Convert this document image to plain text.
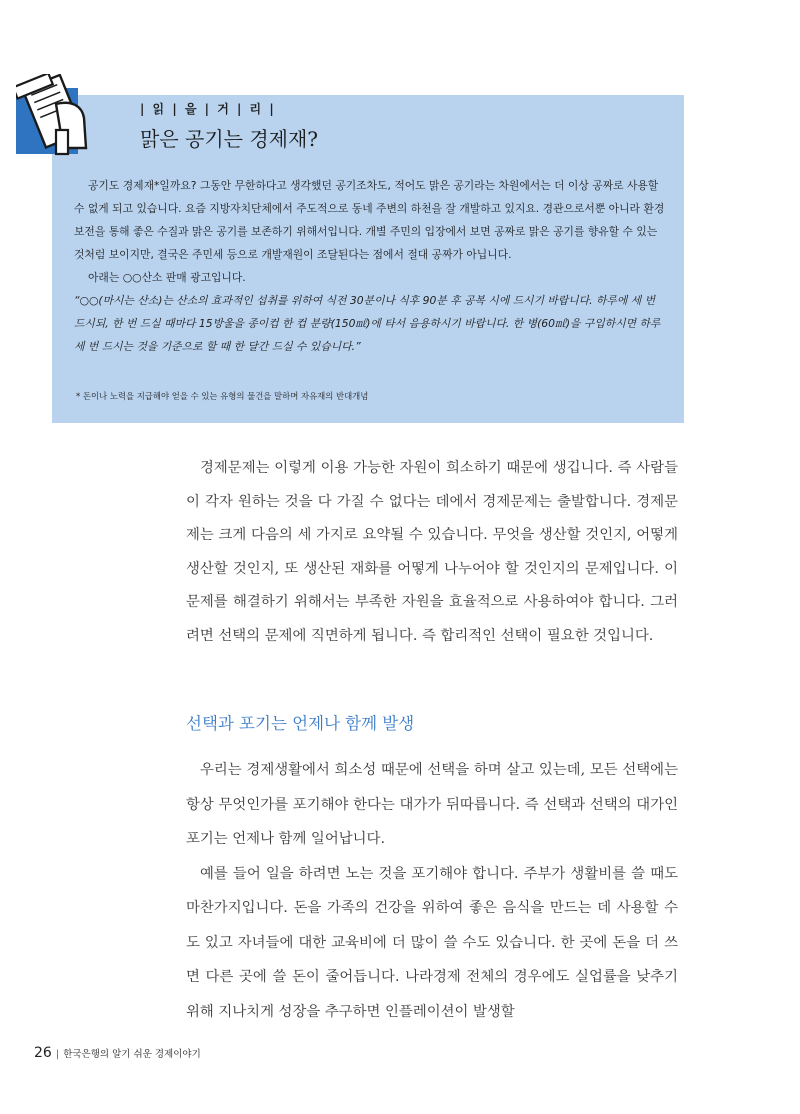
| 읽 | 을 | 거 | 리 |
맑은 공기는 경제재?

공기도 경제재*일까요? 그동안 무한하다고 생각했던 공기조차도, 적어도 맑은 공기라는 차원에서는 더 이상 공짜로 사용할 수 없게 되고 있습니다. 요즘 지방자치단체에서 주도적으로 동네 주변의 하천을 잘 개발하고 있지요. 경관으로서뿐 아니라 환경보전을 통해 좋은 수질과 맑은 공기를 보존하기 위해서입니다. 개별 주민의 입장에서 보면 공짜로 맑은 공기를 향유할 수 있는 것처럼 보이지만, 결국은 주민세 등으로 개발재원이 조달된다는 점에서 절대 공짜가 아닙니다.

아래는 ○○산소 판매 광고입니다.

“○○(마시는 산소)는 산소의 효과적인 섭취를 위하여 식전 30분이나 식후 90분 후 공복 시에 드시기 바랍니다. 하루에 세 번 드시되, 한 번 드실 때마다 15방울을 종이컵 한 컵 분량(150㎖)에 타서 음용하시기 바랍니다. 한 병(60㎖)을 구입하시면 하루 세 번 드시는 것을 기준으로 할 때 한 달간 드실 수 있습니다.”

* 돈이나 노력을 지급해야 얻을 수 있는 유형의 물건을 말하며 자유재의 반대개념

경제문제는 이렇게 이용 가능한 자원이 희소하기 때문에 생깁니다. 즉 사람들이 각자 원하는 것을 다 가질 수 없다는 데에서 경제문제는 출발합니다. 경제문제는 크게 다음의 세 가지로 요약될 수 있습니다. 무엇을 생산할 것인지, 어떻게 생산할 것인지, 또 생산된 재화를 어떻게 나누어야 할 것인지의 문제입니다. 이 문제를 해결하기 위해서는 부족한 자원을 효율적으로 사용하여야 합니다. 그러려면 선택의 문제에 직면하게 됩니다. 즉 합리적인 선택이 필요한 것입니다.

선택과 포기는 언제나 함께 발생

우리는 경제생활에서 희소성 때문에 선택을 하며 살고 있는데, 모든 선택에는 항상 무엇인가를 포기해야 한다는 대가가 뒤따릅니다. 즉 선택과 선택의 대가인 포기는 언제나 함께 일어납니다.

예를 들어 일을 하려면 노는 것을 포기해야 합니다. 주부가 생활비를 쓸 때도 마찬가지입니다. 돈을 가족의 건강을 위하여 좋은 음식을 만드는 데 사용할 수도 있고 자녀들에 대한 교육비에 더 많이 쓸 수도 있습니다. 한 곳에 돈을 더 쓰면 다른 곳에 쓸 돈이 줄어듭니다. 나라경제 전체의 경우에도 실업률을 낮추기 위해 지나치게 성장을 추구하면 인플레이션이 발생할

26 | 한국은행의 알기 쉬운 경제이야기
